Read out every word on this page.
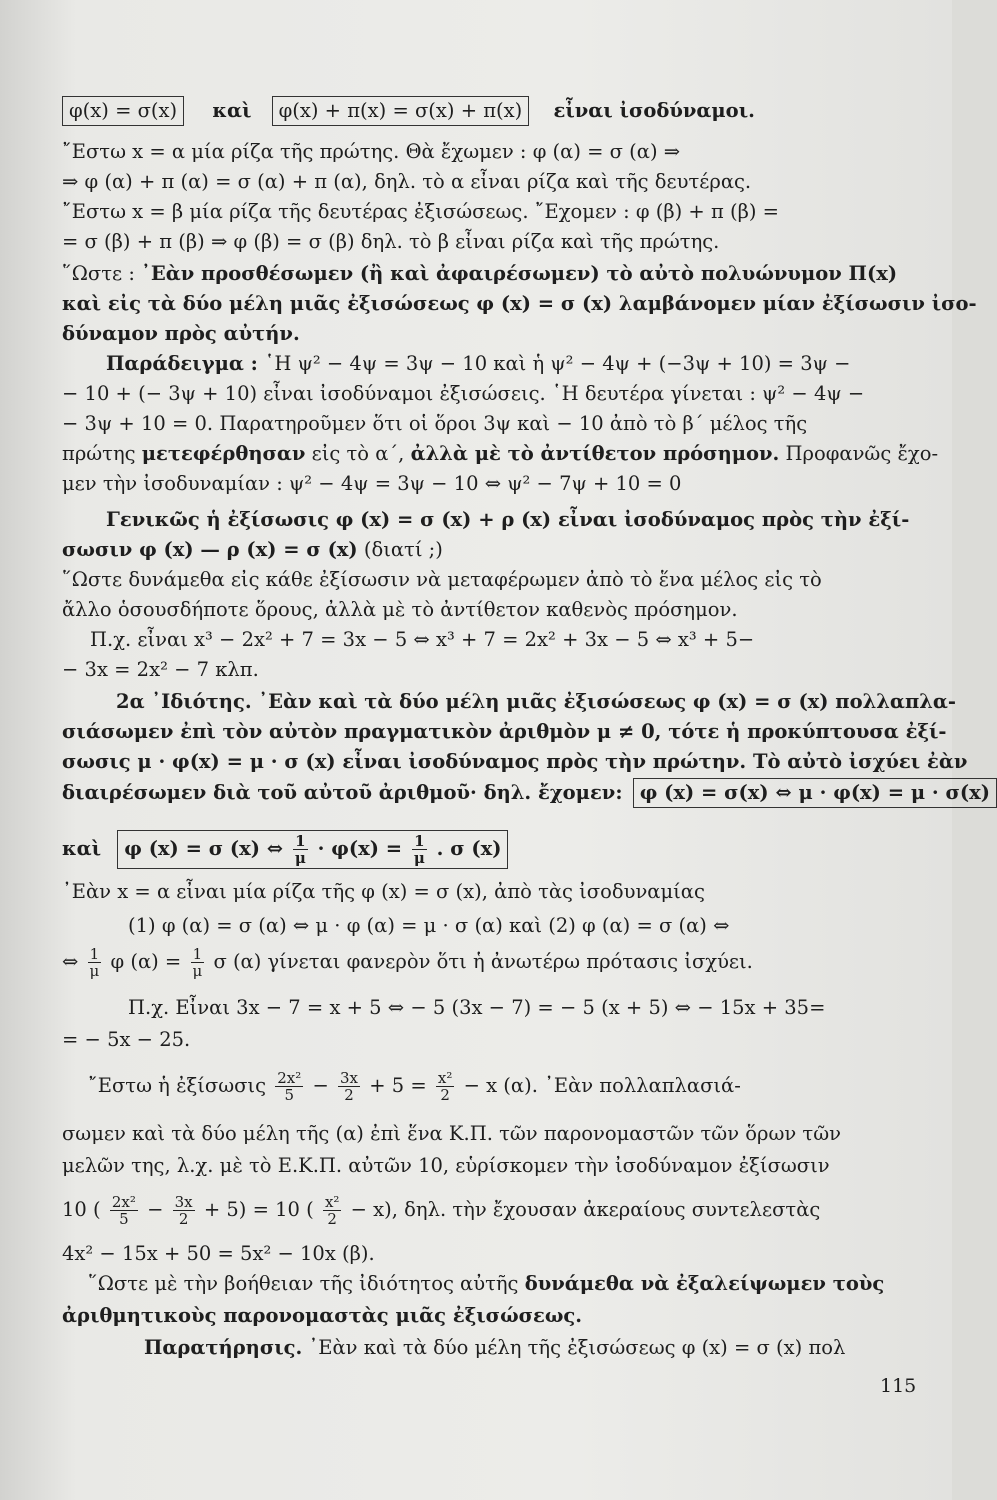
φ(x) = σ(x) καὶ φ(x) + π(x) = σ(x) + π(x) εἶναι ἰσοδύναμοι.
῎Εστω x = α μία ρίζα τῆς πρώτης. Θὰ ἔχωμεν : φ (α) = σ (α) ⇒
⇒ φ (α) + π (α) = σ (α) + π (α), δηλ. τὸ α εἶναι ρίζα καὶ τῆς δευτέρας.
῎Εστω x = β μία ρίζα τῆς δευτέρας ἐξισώσεως. ῎Εχομεν : φ (β) + π (β) =
= σ (β) + π (β) ⇒ φ (β) = σ (β) δηλ. τὸ β εἶναι ρίζα καὶ τῆς πρώτης.
῞Ωστε : ᾿Εὰν προσθέσωμεν (ἢ καὶ ἀφαιρέσωμεν) τὸ αὐτὸ πολυώνυμον Π(x)
καὶ εἰς τὰ δύο μέλη μιᾶς ἐξισώσεως φ (x) = σ (x) λαμβάνομεν μίαν ἐξίσωσιν ἰσο-
δύναμον πρὸς αὐτήν.
Παράδειγμα : ῾Η ψ² − 4ψ = 3ψ − 10 καὶ ἡ ψ² − 4ψ + (−3ψ + 10) = 3ψ −
− 10 + (− 3ψ + 10) εἶναι ἰσοδύναμοι ἐξισώσεις. ῾Η δευτέρα γίνεται : ψ² − 4ψ −
− 3ψ + 10 = 0. Παρατηροῦμεν ὅτι οἱ ὅροι 3ψ καὶ − 10 ἀπὸ τὸ β΄ μέλος τῆς
πρώτης μετεφέρθησαν εἰς τὸ α΄, ἀλλὰ μὲ τὸ ἀντίθετον πρόσημον. Προφανῶς ἔχο-
μεν τὴν ἰσοδυναμίαν : ψ² − 4ψ = 3ψ − 10 ⇔ ψ² − 7ψ + 10 = 0
Γενικῶς ἡ ἐξίσωσις φ (x) = σ (x) + ρ (x) εἶναι ἰσοδύναμος πρὸς τὴν ἐξί-
σωσιν φ (x) — ρ (x) = σ (x) (διατί ;)
῞Ωστε δυνάμεθα εἰς κάθε ἐξίσωσιν νὰ μεταφέρωμεν ἀπὸ τὸ ἕνα μέλος εἰς τὸ
ἄλλο ὁσουσδήποτε ὅρους, ἀλλὰ μὲ τὸ ἀντίθετον καθενὸς πρόσημον.
Π.χ. εἶναι x³ − 2x² + 7 = 3x − 5 ⇔ x³ + 7 = 2x² + 3x − 5 ⇔ x³ + 5−
− 3x = 2x² − 7 κλπ.
2α ᾿Ιδιότης. ᾿Εὰν καὶ τὰ δύο μέλη μιᾶς ἐξισώσεως φ (x) = σ (x) πολλαπλα-
σιάσωμεν ἐπὶ τὸν αὐτὸν πραγματικὸν ἀριθμὸν μ ≠ 0, τότε ἡ προκύπτουσα ἐξί-
σωσις μ · φ(x) = μ · σ (x) εἶναι ἰσοδύναμος πρὸς τὴν πρώτην. Τὸ αὐτὸ ἰσχύει ἐὰν
διαιρέσωμεν διὰ τοῦ αὐτοῦ ἀριθμοῦ· δηλ. ἔχομεν: φ (x) = σ(x) ⇔ μ · φ(x) = μ · σ(x)
καὶ φ (x) = σ (x) ⇔ $\frac{1}{\mu} \cdot \varphi(x) = \frac{1}{\mu}$ . σ (x)
᾿Εὰν x = α εἶναι μία ρίζα τῆς φ (x) = σ (x), ἀπὸ τὰς ἰσοδυναμίας
(1) φ (α) = σ (α) ⇔ μ · φ (α) = μ · σ (α) καὶ (2) φ (α) = σ (α) ⇔
⇔ $\frac{1}{\mu}$ φ $(\alpha) = \frac{1}{\mu}$ σ (α) γίνεται φανερὸν ὅτι ἡ ἀνωτέρω πρότασις ἰσχύει.
Π.χ. Εἶναι 3x − 7 = x + 5 ⇔ − 5 (3x − 7) = − 5 (x + 5) ⇔ − 15x + 35=
= − 5x − 25.
῎Εστω ἡ ἐξίσωσις $\frac{\text{2x²}}{5} - \frac{3x}{2} + 5 = \frac{\text{x²}}{2} - x$ (α). ᾿Εὰν πολλαπλασιά-
σωμεν καὶ τὰ δύο μέλη τῆς (α) ἐπὶ ἕνα Κ.Π. τῶν παρονομαστῶν τῶν ὅρων τῶν
μελῶν της, λ.χ. μὲ τὸ Ε.Κ.Π. αὐτῶν 10, εὑρίσκομεν τὴν ἰσοδύναμον ἐξίσωσιν
10 ( $\frac{\text{2x²}}{5} - \frac{3x}{2} + 5) = 10$ ( $\frac{\text{x²}}{2} - x$), δηλ. τὴν ἔχουσαν ἀκεραίους συντελεστὰς
4x² − 15x + 50 = 5x² − 10x (β).
῞Ωστε μὲ τὴν βοήθειαν τῆς ἰδιότητος αὐτῆς δυνάμεθα νὰ ἐξαλείψωμεν τοὺς
ἀριθμητικοὺς παρονομαστὰς μιᾶς ἐξισώσεως.
Παρατήρησις. ᾿Εὰν καὶ τὰ δύο μέλη τῆς ἐξισώσεως φ (x) = σ (x) πολ
115
